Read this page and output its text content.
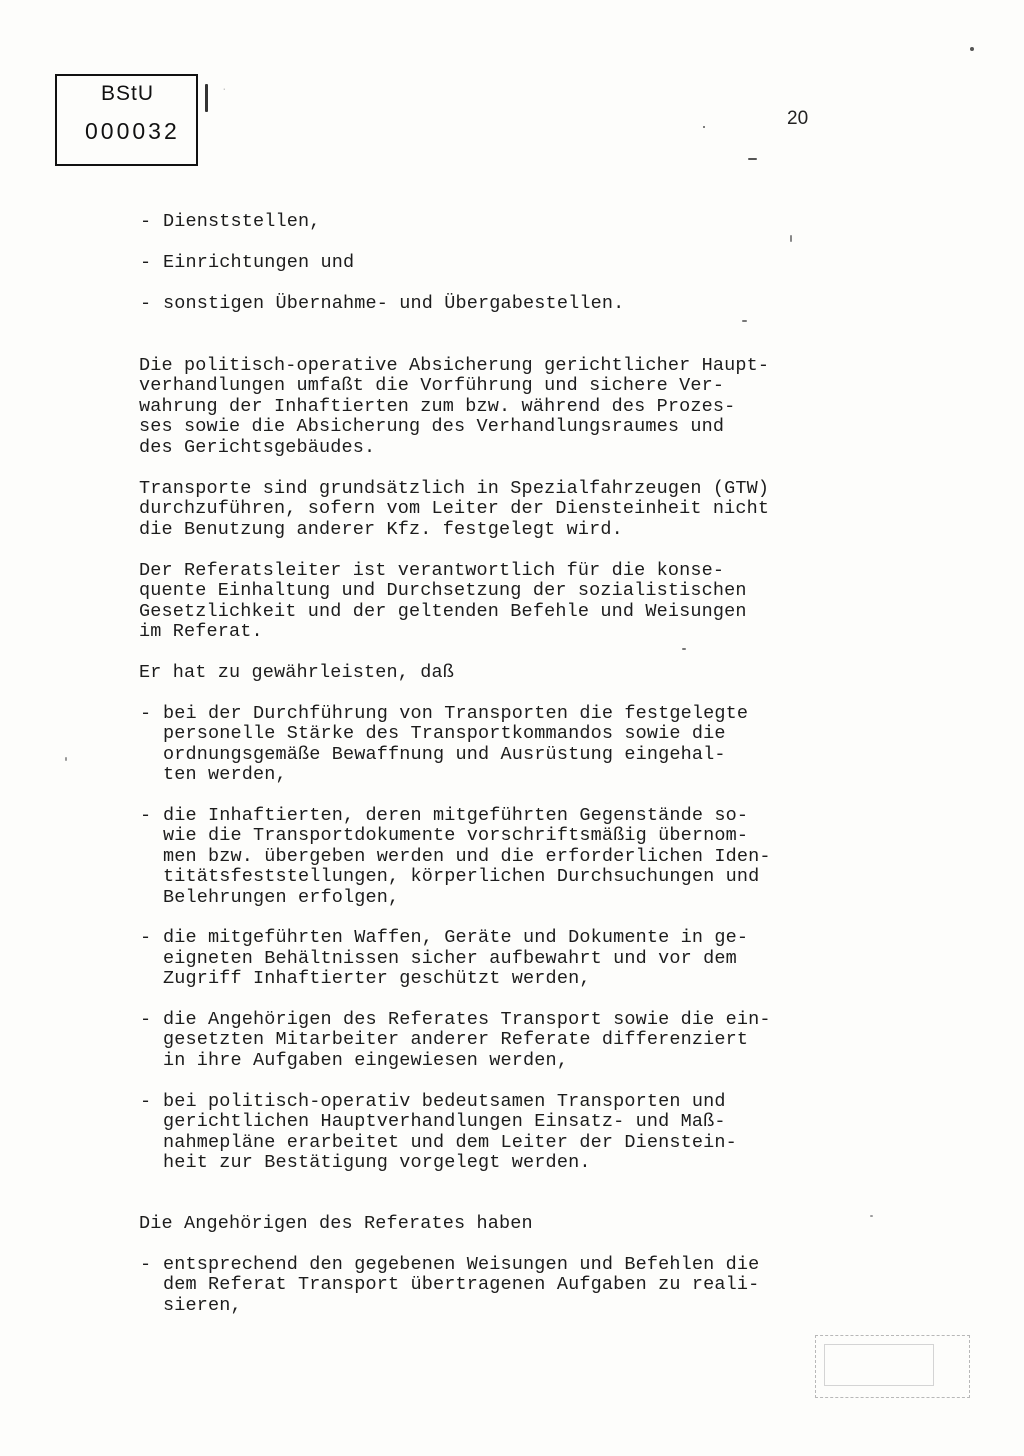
BStU
000032
·
20
- Dienststellen,
- Einrichtungen und
- sonstigen Übernahme- und Übergabestellen.
Die politisch-operative Absicherung gerichtlicher Haupt-
verhandlungen umfaßt die Vorführung und sichere Ver-
wahrung der Inhaftierten zum bzw. während des Prozes-
ses sowie die Absicherung des Verhandlungsraumes und
des Gerichtsgebäudes.
Transporte sind grundsätzlich in Spezialfahrzeugen (GTW)
durchzuführen, sofern vom Leiter der Diensteinheit nicht
die Benutzung anderer Kfz. festgelegt wird.
Der Referatsleiter ist verantwortlich für die konse-
quente Einhaltung und Durchsetzung der sozialistischen
Gesetzlichkeit und der geltenden Befehle und Weisungen
im Referat.
Er hat zu gewährleisten, daß
- bei der Durchführung von Transporten die festgelegte
personelle Stärke des Transportkommandos sowie die
ordnungsgemäße Bewaffnung und Ausrüstung eingehal-
ten werden,
- die Inhaftierten, deren mitgeführten Gegenstände so-
wie die Transportdokumente vorschriftsmäßig übernom-
men bzw. übergeben werden und die erforderlichen Iden-
titätsfeststellungen, körperlichen Durchsuchungen und
Belehrungen erfolgen,
- die mitgeführten Waffen, Geräte und Dokumente in ge-
eigneten Behältnissen sicher aufbewahrt und vor dem
Zugriff Inhaftierter geschützt werden,
- die Angehörigen des Referates Transport sowie die ein-
gesetzten Mitarbeiter anderer Referate differenziert
in ihre Aufgaben eingewiesen werden,
- bei politisch-operativ bedeutsamen Transporten und
gerichtlichen Hauptverhandlungen Einsatz- und Maß-
nahmepläne erarbeitet und dem Leiter der Dienstein-
heit zur Bestätigung vorgelegt werden.
Die Angehörigen des Referates haben
- entsprechend den gegebenen Weisungen und Befehlen die
dem Referat Transport übertragenen Aufgaben zu reali-
sieren,
